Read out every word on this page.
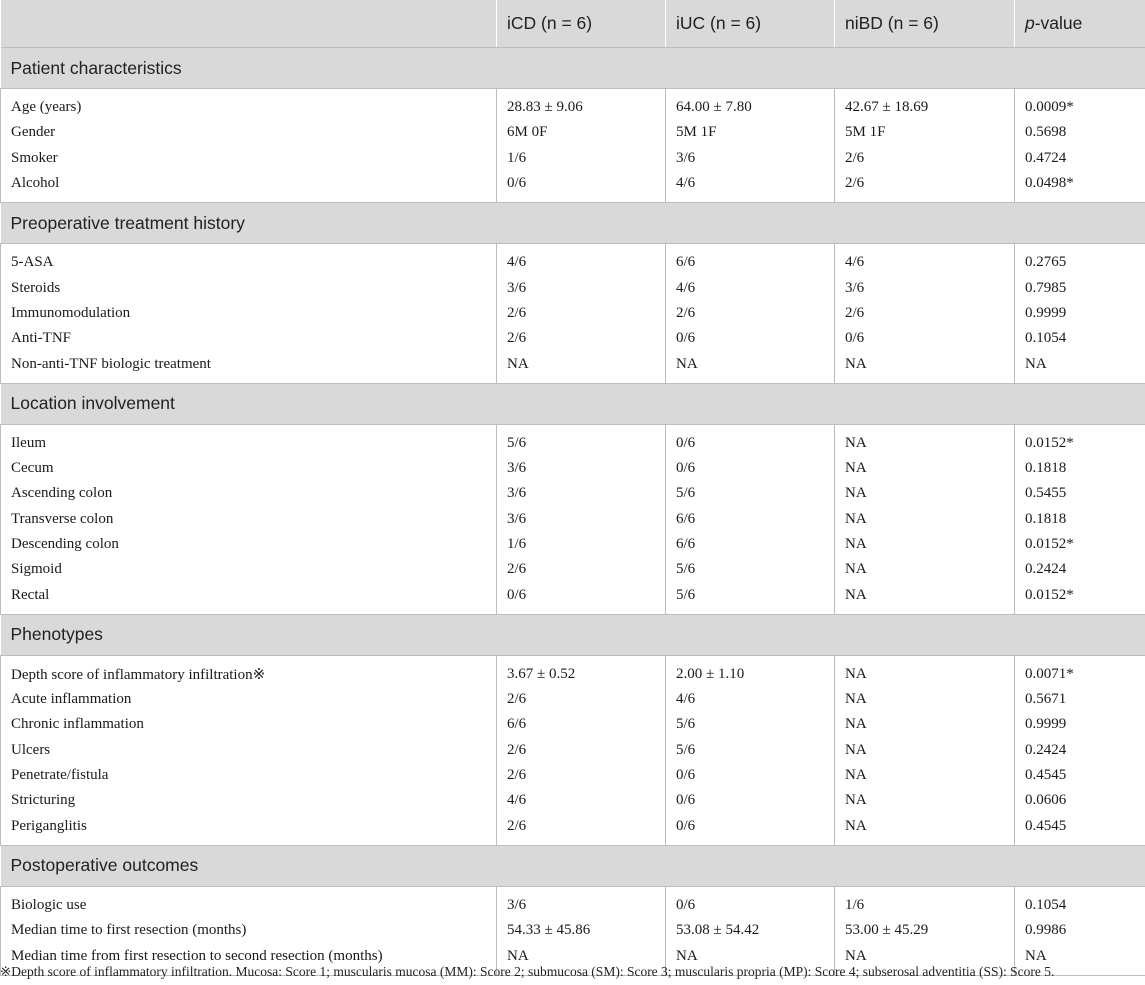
	iCD (n = 6)	iUC (n = 6)	niBD (n = 6)	p-value
Patient characteristics				
Age (years)	28.83 ± 9.06	64.00 ± 7.80	42.67 ± 18.69	0.0009*
Gender	6M 0F	5M 1F	5M 1F	0.5698
Smoker	1/6	3/6	2/6	0.4724
Alcohol	0/6	4/6	2/6	0.0498*
Preoperative treatment history				
5-ASA	4/6	6/6	4/6	0.2765
Steroids	3/6	4/6	3/6	0.7985
Immunomodulation	2/6	2/6	2/6	0.9999
Anti-TNF	2/6	0/6	0/6	0.1054
Non-anti-TNF biologic treatment	NA	NA	NA	NA
Location involvement				
Ileum	5/6	0/6	NA	0.0152*
Cecum	3/6	0/6	NA	0.1818
Ascending colon	3/6	5/6	NA	0.5455
Transverse colon	3/6	6/6	NA	0.1818
Descending colon	1/6	6/6	NA	0.0152*
Sigmoid	2/6	5/6	NA	0.2424
Rectal	0/6	5/6	NA	0.0152*
Phenotypes				
Depth score of inflammatory infiltration※	3.67 ± 0.52	2.00 ± 1.10	NA	0.0071*
Acute inflammation	2/6	4/6	NA	0.5671
Chronic inflammation	6/6	5/6	NA	0.9999
Ulcers	2/6	5/6	NA	0.2424
Penetrate/fistula	2/6	0/6	NA	0.4545
Stricturing	4/6	0/6	NA	0.0606
Periganglitis	2/6	0/6	NA	0.4545
Postoperative outcomes				
Biologic use	3/6	0/6	1/6	0.1054
Median time to first resection (months)	54.33 ± 45.86	53.08 ± 54.42	53.00 ± 45.29	0.9986
Median time from first resection to second resection (months)	NA	NA	NA	NA
※Depth score of inflammatory infiltration. Mucosa: Score 1; muscularis mucosa (MM): Score 2; submucosa (SM): Score 3; muscularis propria (MP): Score 4; subserosal adventitia (SS): Score 5.
